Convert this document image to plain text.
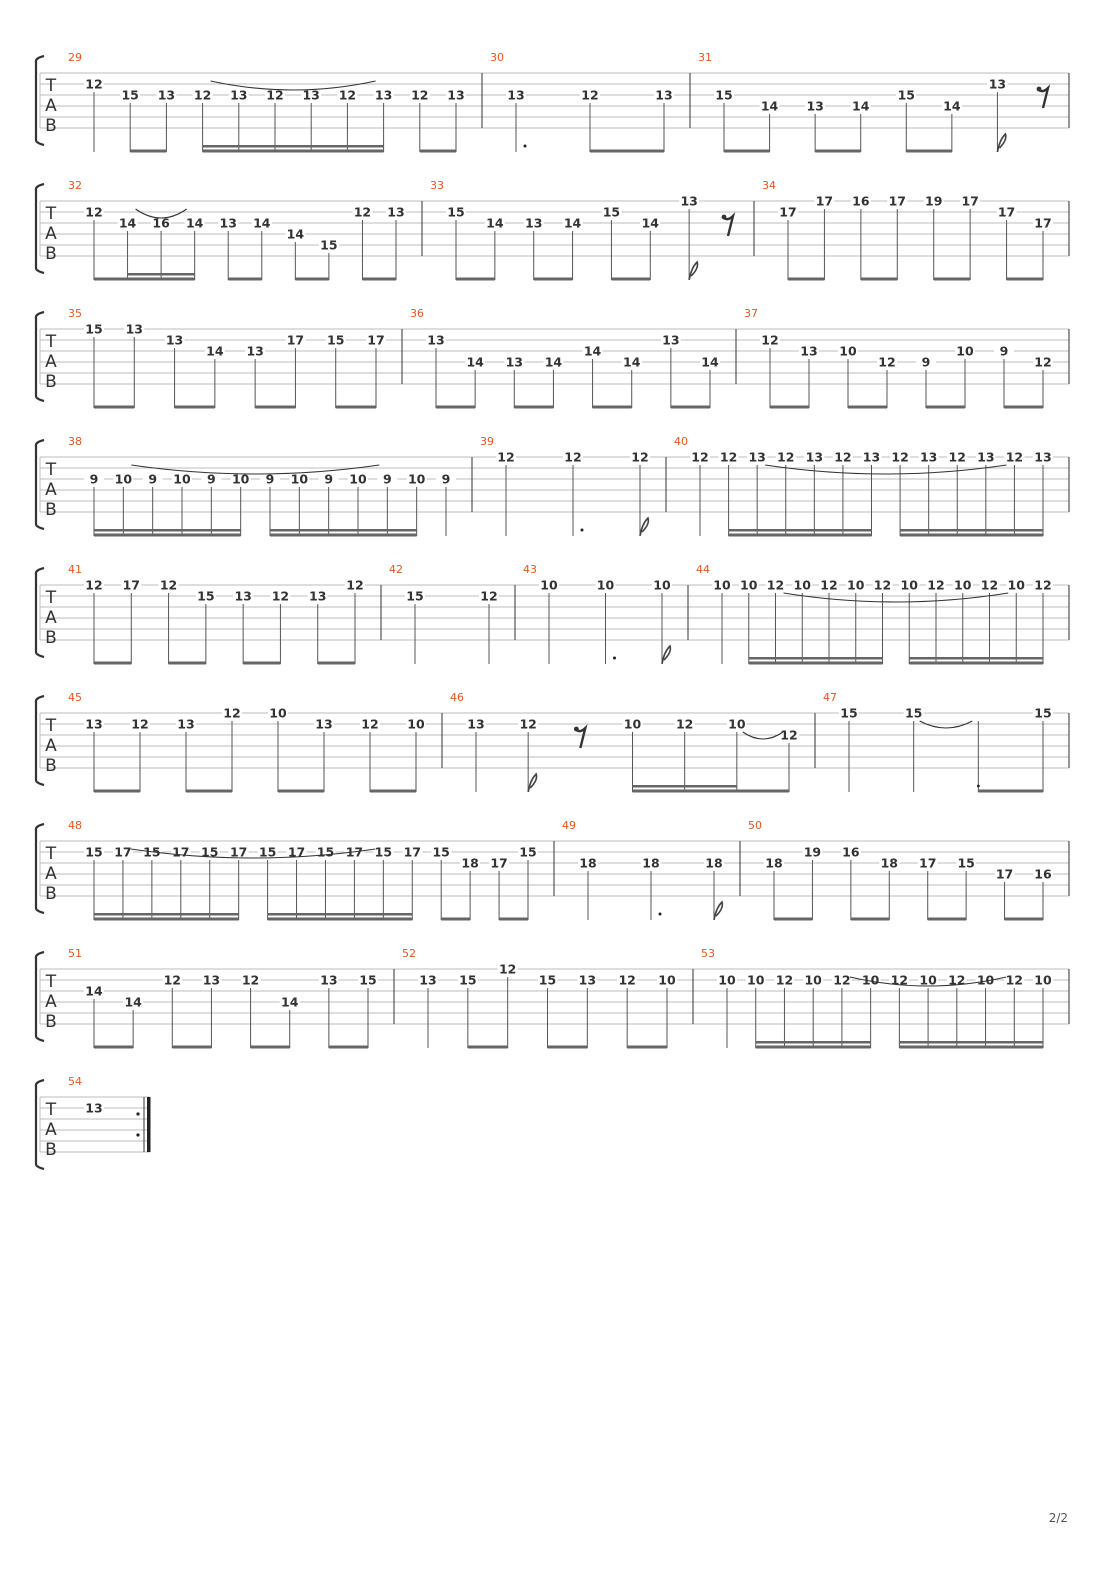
T
A
B
29
12
15 13 12 13 12 13 12 13 12 13
30
13	12	13
31
15
14 13 14
15
14
13
T
A
B
32
12
14 16 14 13 14
14
15
12 13
33
15
14 13 14
15
14
13
34
17
17 16 17 19 17
17
17
T
A
B
35
15 13
13
14 13
17 15 17
36
13
14 13 14
14
14
13
14
37
12
13 10
12 9
10 9
12
T
A
B
38
9 10 9 10 9 10 9 10 9 10 9 10 9
39
12	12	12
40
12 12 13 12 13 12 13 12 13 12 13 12 13
T
A
B
41
12 17 12
15 13 12 13
12
42
15	12
43
10	10	10
44
10 10 12 10 12 10 12 10 12 10 12 10 12
T
A
B
45
13 12 13
12 10
13 12 10
46
13	12	10	12	10
12
47
15	15	15
T
A
B
48
15 17 15 17 15 17 15 17 15 17 15 17 15
18 17
15
49
18	18	18
50
18
19 16
18 17 15
17 16
T
A
B
51
14
14
12 13 12
14
13 15
52
13 15
12
15 13 12 10
53
10 10 12 10 12 10 12 10 12 10 12 10
T
A
B
54
13
2/2
